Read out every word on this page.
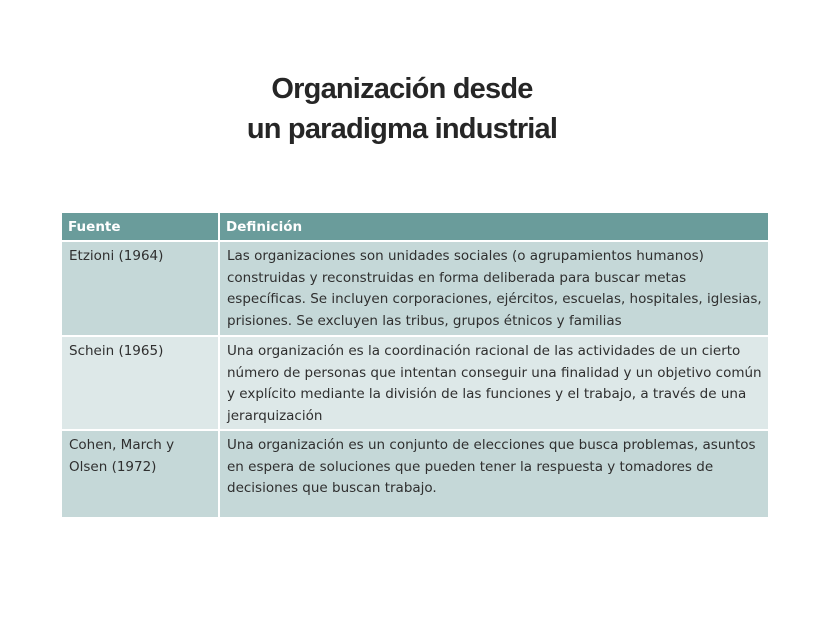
Organización desde
un paradigma industrial
Fuente	Definición
Etzioni (1964)	Las organizaciones son unidades sociales (o agrupamientos humanos) construidas y reconstruidas en forma deliberada para buscar metas específicas. Se incluyen corporaciones, ejércitos, escuelas, hospitales, iglesias, prisiones. Se excluyen las tribus, grupos étnicos y familias
Schein (1965)	Una organización es la coordinación racional de las actividades de un cierto número de personas que intentan conseguir una finalidad y un objetivo común y explícito mediante la división de las funciones y el trabajo, a través de una jerarquización
Cohen, March y Olsen (1972)	Una organización es un conjunto de elecciones que busca problemas, asuntos en espera de soluciones que pueden tener la respuesta y tomadores de decisiones que buscan trabajo.
